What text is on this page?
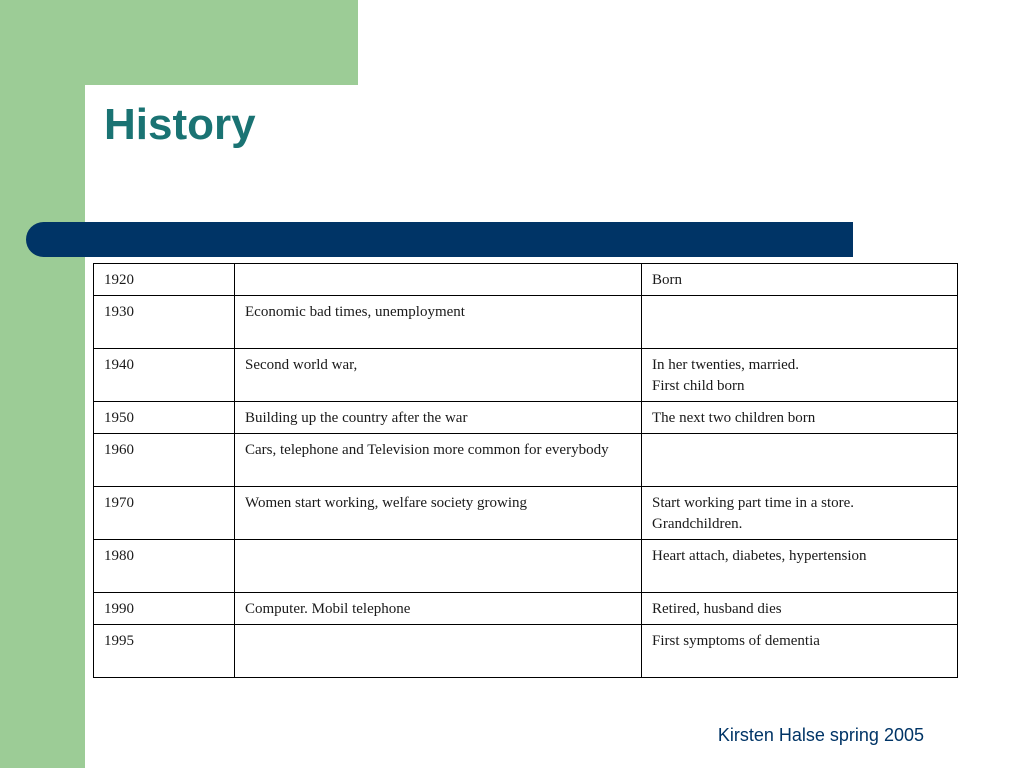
History
1920		Born

1930	Economic bad times, unemployment	
1940	Second world war,	In her twenties, married.
First child born

1950	Building up the country after the war	The next two children born

1960	Cars, telephone and Television more common for everybody	
1970	Women start working, welfare society growing	Start working part time in a store.
Grandchildren.

1980		Heart attach, diabetes, hypertension

1990	Computer. Mobil telephone	Retired, husband dies

1995		First symptoms of dementia
Kirsten Halse spring 2005
